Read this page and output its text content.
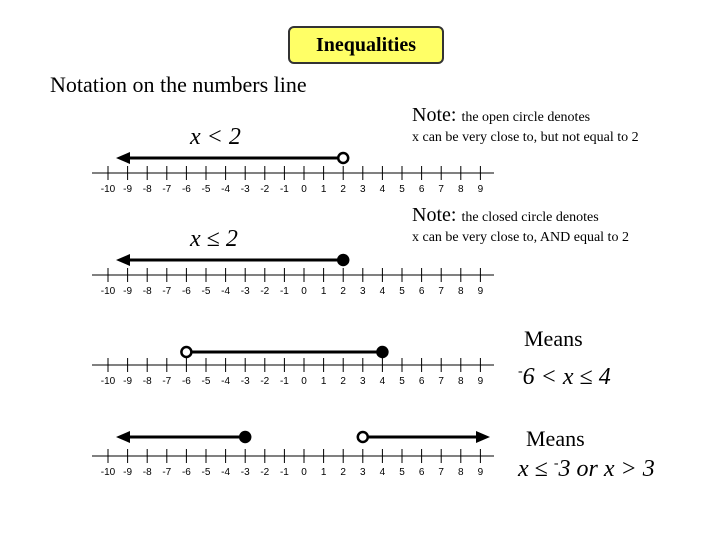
Inequalities
Notation on the numbers line
Note: the open circle denotes
x can be very close to, but not equal to 2
Note: the closed circle denotes
x can be very close to, AND equal to 2
x < 2
x ≤ 2
Means
-6 < x ≤ 4
Means
x ≤ -3 or x > 3
-10 -9 -8 -7 -6 -5 -4 -3 -2 -1 0 1 2 3 4 5 6 7 8 9
-10 -9 -8 -7 -6 -5 -4 -3 -2 -1 0 1 2 3 4 5 6 7 8 9
-10 -9 -8 -7 -6 -5 -4 -3 -2 -1 0 1 2 3 4 5 6 7 8 9
-10 -9 -8 -7 -6 -5 -4 -3 -2 -1 0 1 2 3 4 5 6 7 8 9
